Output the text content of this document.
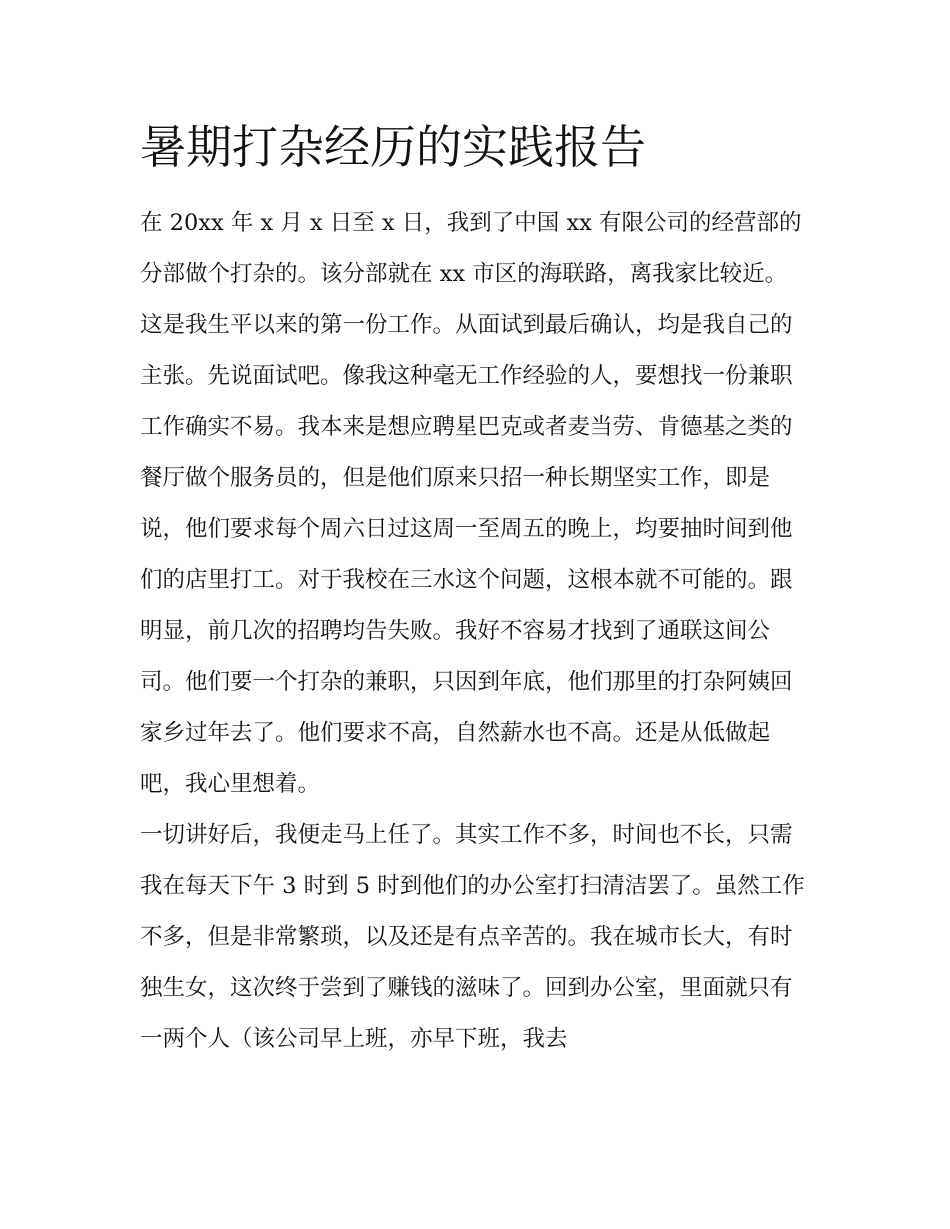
暑期打杂经历的实践报告

在 20xx 年 x 月 x 日至 x 日，我到了中国 xx 有限公司的经营部的分部做个打杂的。该分部就在 xx 市区的海联路，离我家比较近。

这是我生平以来的第一份工作。从面试到最后确认，均是我自己的主张。先说面试吧。像我这种毫无工作经验的人，要想找一份兼职工作确实不易。我本来是想应聘星巴克或者麦当劳、肯德基之类的餐厅做个服务员的，但是他们原来只招一种长期坚实工作，即是说，他们要求每个周六日过这周一至周五的晚上，均要抽时间到他们的店里打工。对于我校在三水这个问题，这根本就不可能的。跟明显，前几次的招聘均告失败。我好不容易才找到了通联这间公司。他们要一个打杂的兼职，只因到年底，他们那里的打杂阿姨回家乡过年去了。他们要求不高，自然薪水也不高。还是从低做起吧，我心里想着。

一切讲好后，我便走马上任了。其实工作不多，时间也不长，只需我在每天下午 3 时到 5 时到他们的办公室打扫清洁罢了。虽然工作不多，但是非常繁琐，以及还是有点辛苦的。我在城市长大，有时独生女，这次终于尝到了赚钱的滋味了。回到办公室，里面就只有一两个人（该公司早上班，亦早下班，我去
